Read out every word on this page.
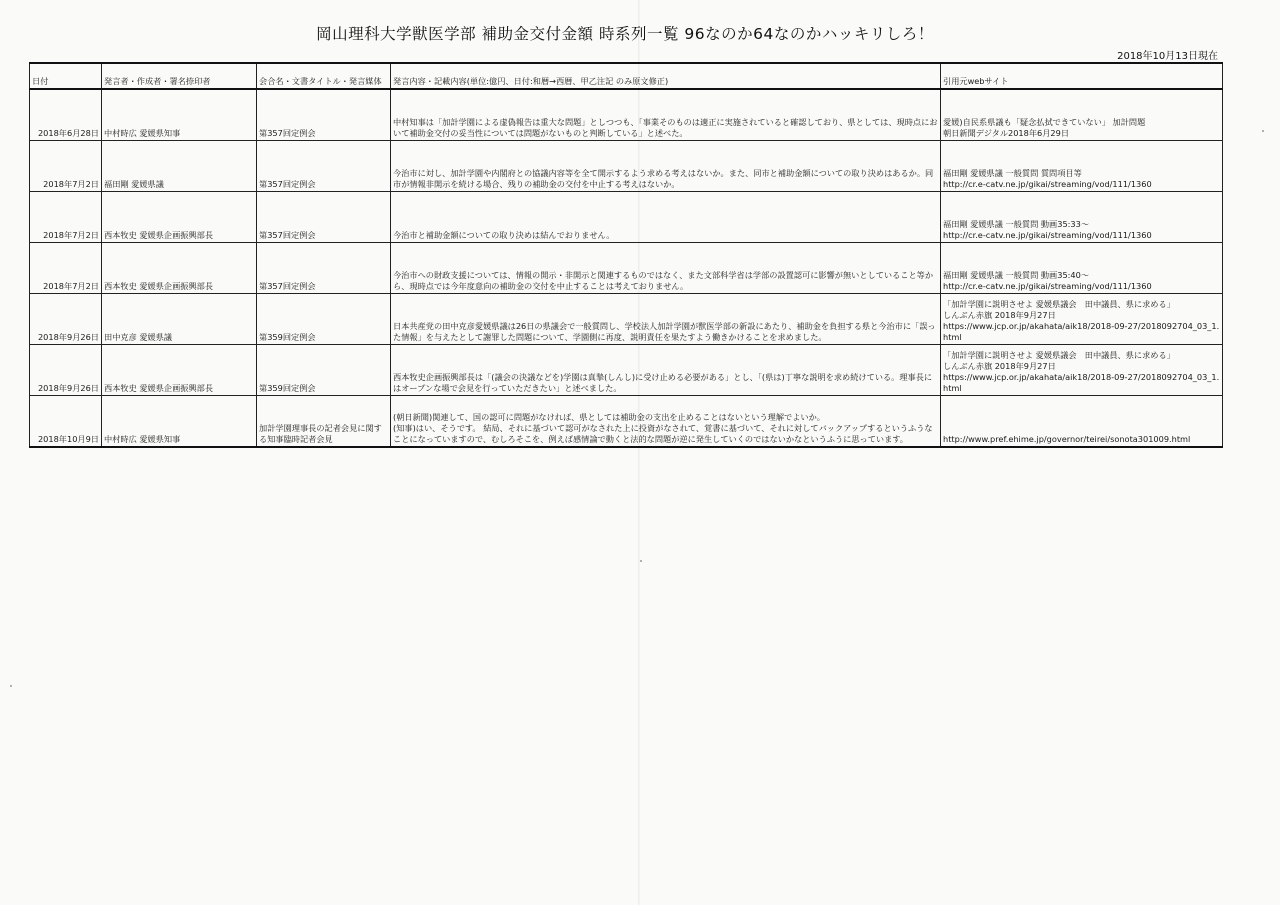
岡山理科大学獣医学部 補助金交付金額 時系列一覧 96なのか64なのかハッキリしろ！
2018年10月13日現在
日付	発言者・作成者・署名捺印者	会合名・文書タイトル・発言媒体	発言内容・記載内容(単位:億円、日付:和暦→西暦、甲乙注記 のみ原文修正)	引用元webサイト
2018年6月28日	中村時広 愛媛県知事	第357回定例会	中村知事は「加計学園による虚偽報告は重大な問題」としつつも、「事業そのものは適正に実施されていると確認しており、県としては、現時点において補助金交付の妥当性については問題がないものと判断している」と述べた。	愛媛)自民系県議も「疑念払拭できていない」 加計問題
朝日新聞デジタル2018年6月29日
2018年7月2日	福田剛 愛媛県議	第357回定例会	今治市に対し、加計学園や内閣府との協議内容等を全て開示するよう求める考えはないか。また、同市と補助金額についての取り決めはあるか。同市が情報非開示を続ける場合、残りの補助金の交付を中止する考えはないか。	福田剛 愛媛県議 一般質問 質問項目等
http://cr.e-catv.ne.jp/gikai/streaming/vod/111/1360
2018年7月2日	西本牧史 愛媛県企画振興部長	第357回定例会	今治市と補助金額についての取り決めは結んでおりません。	福田剛 愛媛県議 一般質問 動画35:33～
http://cr.e-catv.ne.jp/gikai/streaming/vod/111/1360
2018年7月2日	西本牧史 愛媛県企画振興部長	第357回定例会	今治市への財政支援については、情報の開示・非開示と関連するものではなく、また文部科学省は学部の設置認可に影響が無いとしていること等から、現時点では今年度意向の補助金の交付を中止することは考えておりません。	福田剛 愛媛県議 一般質問 動画35:40～
http://cr.e-catv.ne.jp/gikai/streaming/vod/111/1360
2018年9月26日	田中克彦 愛媛県議	第359回定例会	日本共産党の田中克彦愛媛県議は26日の県議会で一般質問し、学校法人加計学園が獣医学部の新設にあたり、補助金を負担する県と今治市に「誤った情報」を与えたとして謝罪した問題について、学園側に再度、説明責任を果たすよう働きかけることを求めました。	「加計学園に説明させよ 愛媛県議会　田中議員、県に求める」
しんぶん赤旗 2018年9月27日
https://www.jcp.or.jp/akahata/aik18/2018-09-27/2018092704_03_1.html
2018年9月26日	西本牧史 愛媛県企画振興部長	第359回定例会	西本牧史企画振興部長は「(議会の決議などを)学園は真摯(しんし)に受け止める必要がある」とし、「(県は)丁寧な説明を求め続けている。理事長にはオープンな場で会見を行っていただきたい」と述べました。	「加計学園に説明させよ 愛媛県議会　田中議員、県に求める」
しんぶん赤旗 2018年9月27日
https://www.jcp.or.jp/akahata/aik18/2018-09-27/2018092704_03_1.html
2018年10月9日	中村時広 愛媛県知事	加計学園理事長の記者会見に関する知事臨時記者会見	(朝日新聞)関連して、国の認可に問題がなければ、県としては補助金の支出を止めることはないという理解でよいか。
(知事)はい、そうです。 結局、それに基づいて認可がなされた上に投資がなされて、覚書に基づいて、それに対してバックアップするというふうなことになっていますので、むしろそこを、例えば感情論で動くと法的な問題が逆に発生していくのではないかなというふうに思っています。	http://www.pref.ehime.jp/governor/teirei/sonota301009.html
